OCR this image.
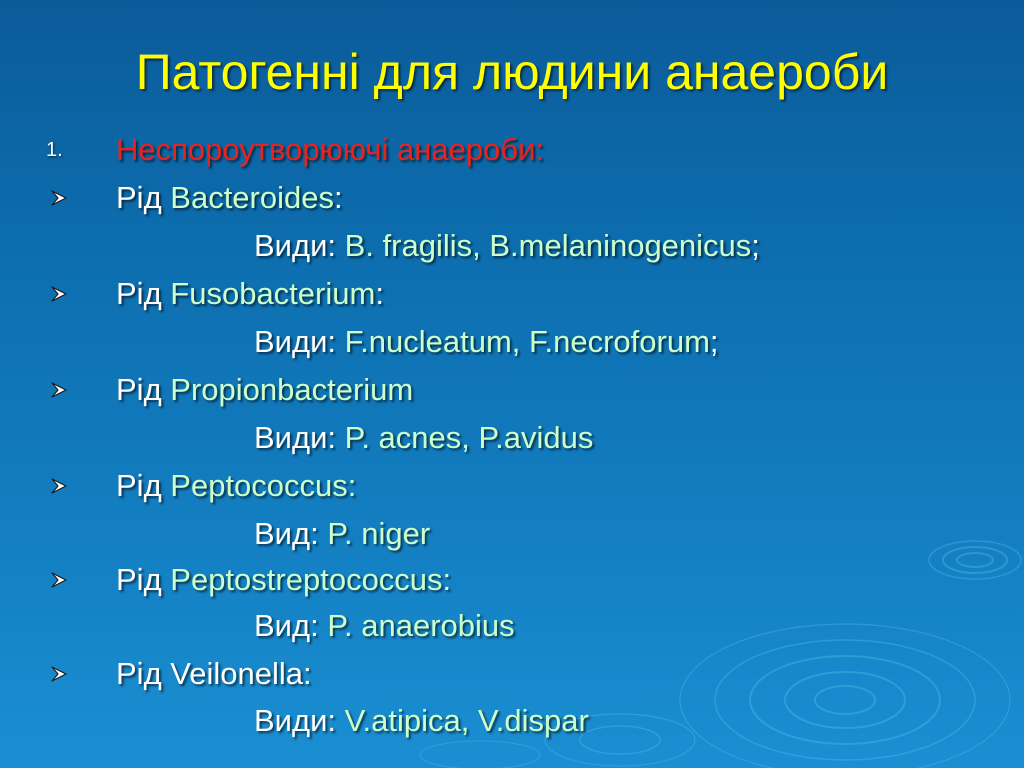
Патогенні для людини анаероби
1.	Неспороутворюючі анаероби:
Рід Bacteroides:
Види: B. fragilis, B.melaninogenicus;
Рід Fusobacterium:
Види: F.nucleatum, F.necroforum;
Рід Propionbacterium
Види: P. acnes, P.avidus
Рід Peptococcus:
Вид: P. niger
Рід Peptostreptococcus:
Вид: P. anaerobius
Рід Veilonella:
Види: V.atipica, V.dispar
